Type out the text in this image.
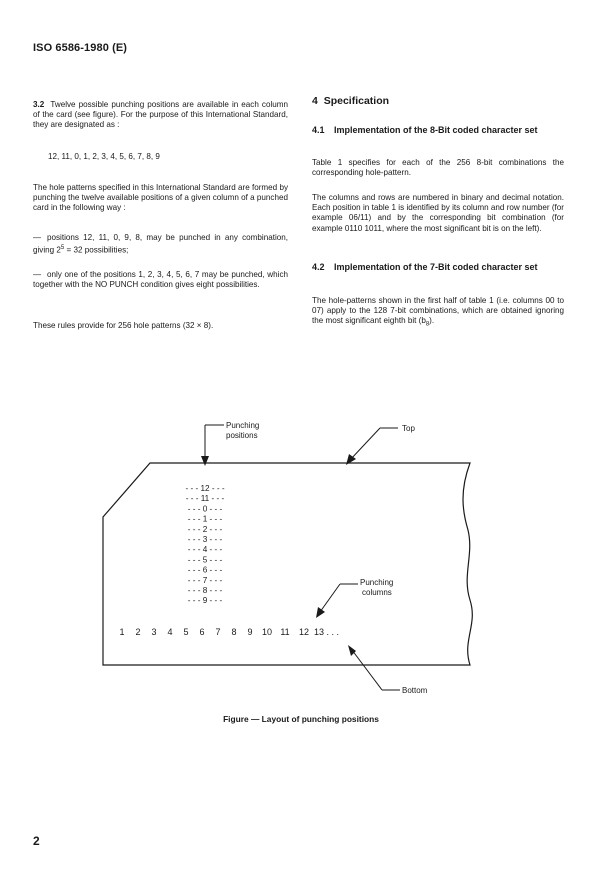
ISO 6586-1980 (E)

3.2 Twelve possible punching positions are available in each column of the card (see figure). For the purpose of this International Standard, they are designated as :

12, 11, 0, 1, 2, 3, 4, 5, 6, 7, 8, 9
The hole patterns specified in this International Standard are formed by punching the twelve available positions of a given column of a punched card in the following way :
— positions 12, 11, 0, 9, 8, may be punched in any combination, giving $2^5 = 32$ possibilities;
— only one of the positions 1, 2, 3, 4, 5, 6, 7 may be punched, which together with the NO PUNCH condition gives eight possibilities.
These rules provide for 256 hole patterns (32 × 8).
4 Specification
4.1 Implementation of the 8-Bit coded character set
Table 1 specifies for each of the 256 8-bit combinations the corresponding hole-pattern.
The columns and rows are numbered in binary and decimal notation. Each position in table 1 is identified by its column and row number (for example 06/11) and by the corresponding bit combination (for example 0110 1011, where the most significant bit is on the left).
4.2 Implementation of the 7-Bit coded character set
The hole-patterns shown in the first half of table 1 (i.e. columns 00 to 07) apply to the 128 7-bit combinations, which are obtained ignoring the most significant eighth bit $(b_8)$.
Punching
positions
Top
Punching
columns
Bottom
- - - 12 - - -
- - - 11 - - -
- - - 0 - - -
- - - 1 - - -
- - - 2 - - -
- - - 3 - - -
- - - 4 - - -
- - - 5 - - -
- - - 6 - - -
- - - 7 - - -
- - - 8 - - -
- - - 9 - - -
1 2 3 4 5 6 7 8 9 10 11 12 13 . . .
Figure — Layout of punching positions
2
